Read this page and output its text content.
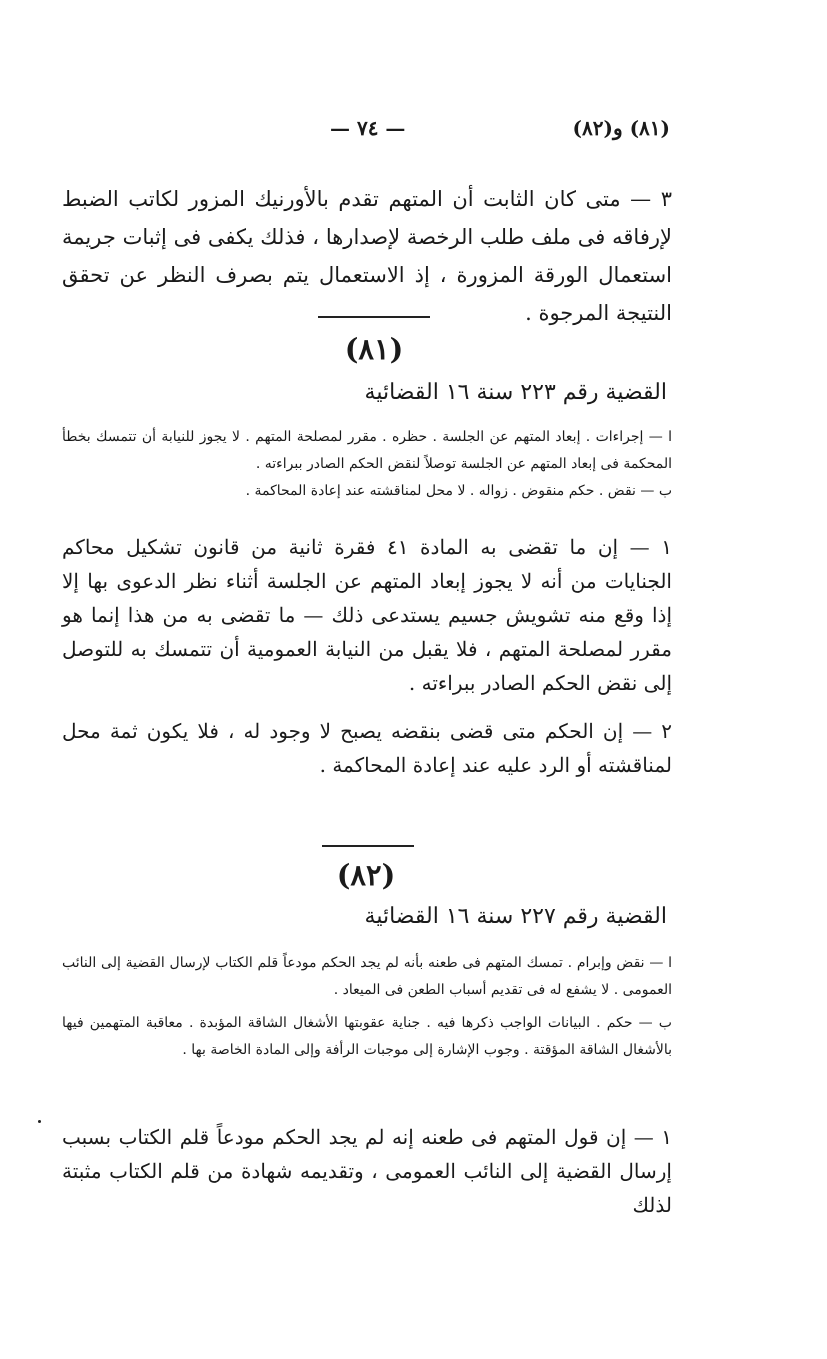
— ٧٤ —	(٨١) و(٨٢)

٣ — متى كان الثابت أن المتهم تقدم بالأورنيك المزور لكاتب الضبط لإرفاقه فى ملف طلب الرخصة لإصدارها ، فذلك يكفى فى إثبات جريمة استعمال الورقة المزورة ، إذ الاستعمال يتم بصرف النظر عن تحقق النتيجة المرجوة .

(٨١)
القضية رقم ٢٢٣ سنة ١٦ القضائية

ا — إجراءات . إبعاد المتهم عن الجلسة . حظره . مقرر لمصلحة المتهم . لا يجوز للنيابة أن تتمسك بخطأ المحكمة فى إبعاد المتهم عن الجلسة توصلاً لنقض الحكم الصادر ببراءته .

ب — نقض . حكم منقوض . زواله . لا محل لمناقشته عند إعادة المحاكمة .

١ — إن ما تقضى به المادة ٤١ فقرة ثانية من قانون تشكيل محاكم الجنايات من أنه لا يجوز إبعاد المتهم عن الجلسة أثناء نظر الدعوى بها إلا إذا وقع منه تشويش جسيم يستدعى ذلك — ما تقضى به من هذا إنما هو مقرر لمصلحة المتهم ، فلا يقبل من النيابة العمومية أن تتمسك به للتوصل إلى نقض الحكم الصادر ببراءته .

٢ — إن الحكم متى قضى بنقضه يصبح لا وجود له ، فلا يكون ثمة محل لمناقشته أو الرد عليه عند إعادة المحاكمة .

(٨٢)
القضية رقم ٢٢٧ سنة ١٦ القضائية

ا — نقض وإبرام . تمسك المتهم فى طعنه بأنه لم يجد الحكم مودعاً قلم الكتاب لإرسال القضية إلى النائب العمومى . لا يشفع له فى تقديم أسباب الطعن فى الميعاد .

ب — حكم . البيانات الواجب ذكرها فيه . جناية عقوبتها الأشغال الشاقة المؤبدة . معاقبة المتهمين فيها بالأشغال الشاقة المؤقتة . وجوب الإشارة إلى موجبات الرأفة وإلى المادة الخاصة بها .

١ — إن قول المتهم فى طعنه إنه لم يجد الحكم مودعاً قلم الكتاب بسبب إرسال القضية إلى النائب العمومى ، وتقديمه شهادة من قلم الكتاب مثبتة لذلك
